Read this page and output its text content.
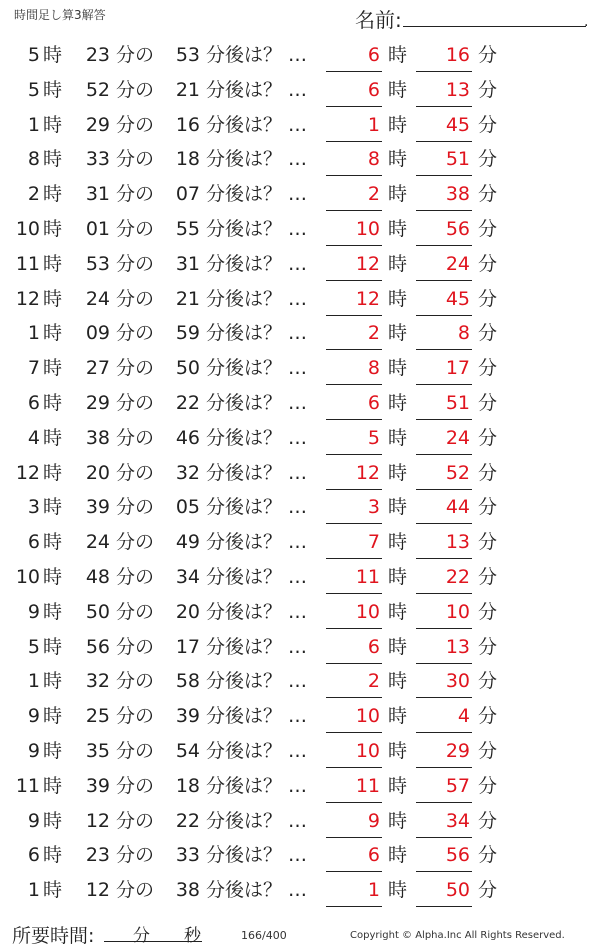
時間足し算3解答	名前:	.
5 時	23 分の	53 分後は？ …	6 時	16 分
5 時	52 分の	21 分後は？ …	6 時	13 分
1 時	29 分の	16 分後は？ …	1 時	45 分
8 時	33 分の	18 分後は？ …	8 時	51 分
2 時	31 分の	07 分後は？ …	2 時	38 分
10 時	01 分の	55 分後は？ …	10 時	56 分
11 時	53 分の	31 分後は？ …	12 時	24 分
12 時	24 分の	21 分後は？ …	12 時	45 分
1 時	09 分の	59 分後は？ …	2 時	8 分
7 時	27 分の	50 分後は？ …	8 時	17 分
6 時	29 分の	22 分後は？ …	6 時	51 分
4 時	38 分の	46 分後は？ …	5 時	24 分
12 時	20 分の	32 分後は？ …	12 時	52 分
3 時	39 分の	05 分後は？ …	3 時	44 分
6 時	24 分の	49 分後は？ …	7 時	13 分
10 時	48 分の	34 分後は？ …	11 時	22 分
9 時	50 分の	20 分後は？ …	10 時	10 分
5 時	56 分の	17 分後は？ …	6 時	13 分
1 時	32 分の	58 分後は？ …	2 時	30 分
9 時	25 分の	39 分後は？ …	10 時	4 分
9 時	35 分の	54 分後は？ …	10 時	29 分
11 時	39 分の	18 分後は？ …	11 時	57 分
9 時	12 分の	22 分後は？ …	9 時	34 分
6 時	23 分の	33 分後は？ …	6 時	56 分
1 時	12 分の	38 分後は？ …	1 時	50 分
所要時間: 分 秒	166/400	Copyright © Alpha.Inc All Rights Reserved.
